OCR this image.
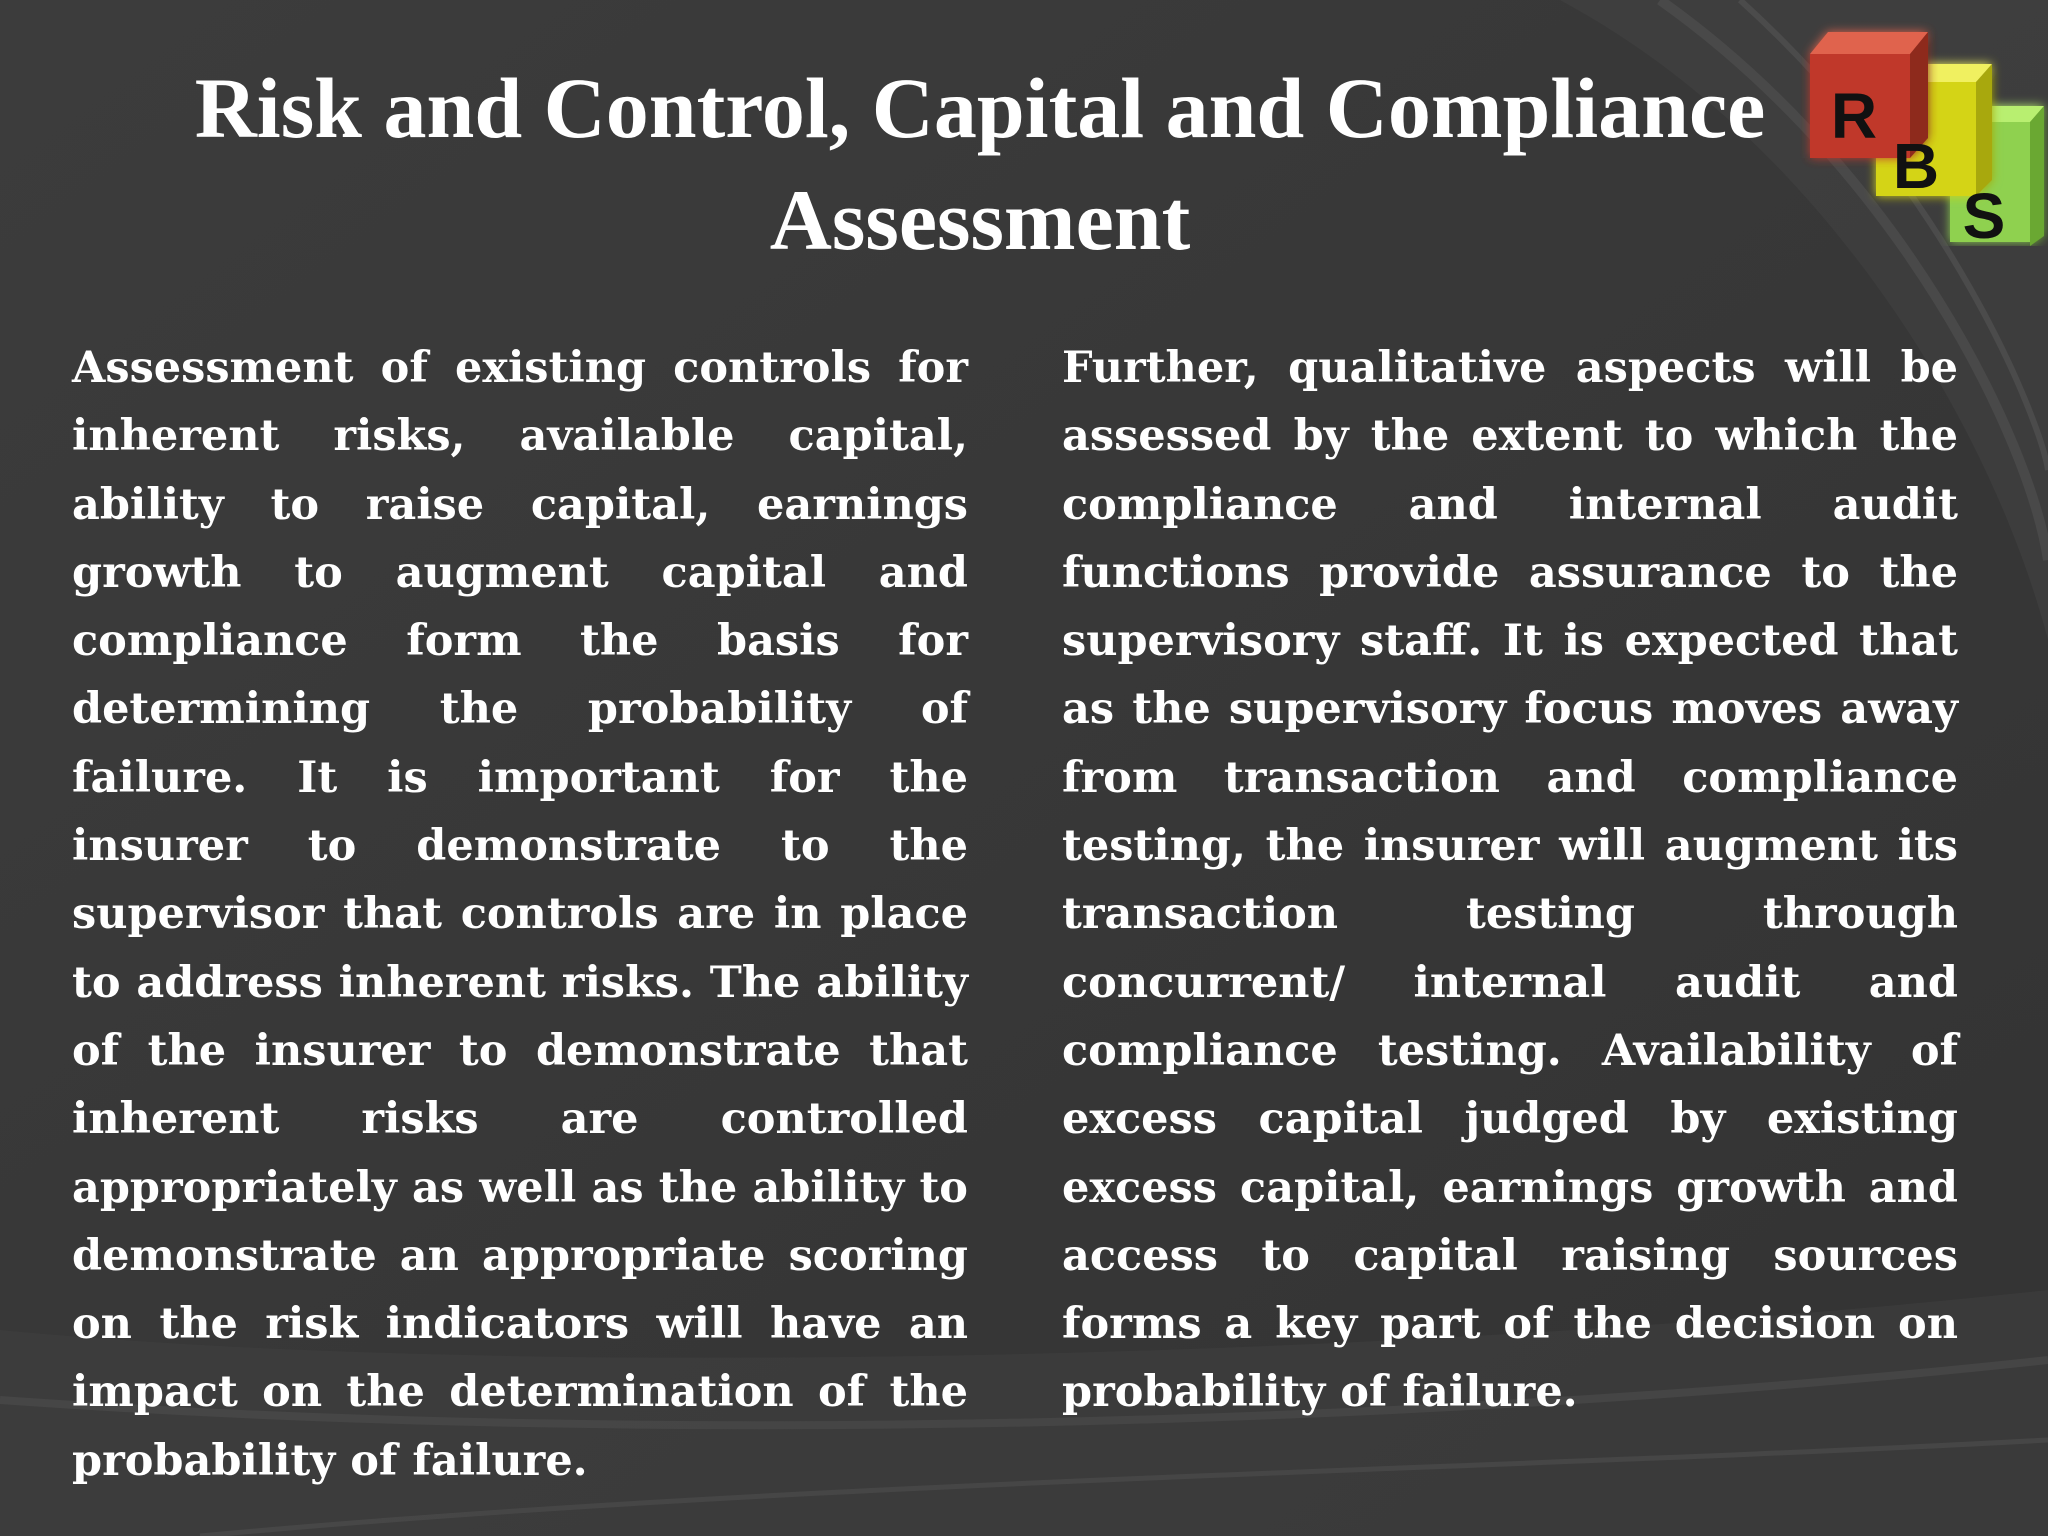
Risk and Control, Capital and Compliance Assessment

Assessment of existing controls for inherent risks, available capital, ability to raise capital, earnings growth to augment capital and compliance form the basis for determining the probability of failure. It is important for the insurer to demonstrate to the supervisor that controls are in place to address inherent risks. The ability of the insurer to demonstrate that inherent risks are controlled appropriately as well as the ability to demonstrate an appropriate scoring on the risk indicators will have an impact on the determination of the probability of failure.

Further, qualitative aspects will be assessed by the extent to which the compliance and internal audit functions provide assurance to the supervisory staff. It is expected that as the supervisory focus moves away from transaction and compliance testing, the insurer will augment its transaction testing through concurrent/ internal audit and compliance testing. Availability of excess capital judged by existing excess capital, earnings growth and access to capital raising sources forms a key part of the decision on probability of failure.

R
B
S
